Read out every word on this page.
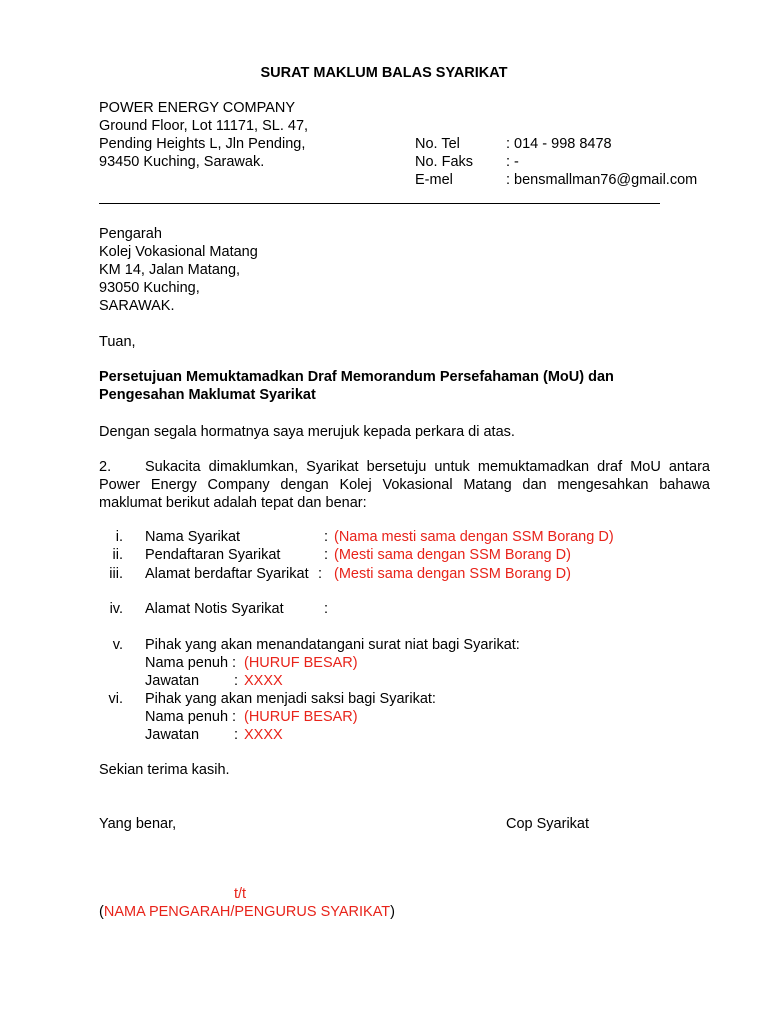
SURAT MAKLUM BALAS SYARIKAT
POWER ENERGY COMPANY
Ground Floor, Lot 11171, SL. 47,
Pending Heights L, Jln Pending,
93450 Kuching, Sarawak.
No. Tel	: 014 - 998 8478
No. Faks : -
E-mel	: bensmallman76@gmail.com
Pengarah
Kolej Vokasional Matang
KM 14, Jalan Matang,
93050 Kuching,
SARAWAK.
Tuan,
Persetujuan Memuktamadkan Draf Memorandum Persefahaman (MoU) dan
Pengesahan Maklumat Syarikat
Dengan segala hormatnya saya merujuk kepada perkara di atas.
2. Sukacita dimaklumkan, Syarikat bersetuju untuk memuktamadkan draf MoU antara Power Energy Company dengan Kolej Vokasional Matang dan mengesahkan bahawa maklumat berikut adalah tepat dan benar:
i. Nama Syarikat	: (Nama mesti sama dengan SSM Borang D)
ii. Pendaftaran Syarikat	: (Mesti sama dengan SSM Borang D)
iii. Alamat berdaftar Syarikat : (Mesti sama dengan SSM Borang D)
iv. Alamat Notis Syarikat	:
v. Pihak yang akan menandatangani surat niat bagi Syarikat:
Nama penuh : (HURUF BESAR)
Jawatan : XXXX
vi. Pihak yang akan menjadi saksi bagi Syarikat:
Nama penuh : (HURUF BESAR)
Jawatan : XXXX
Sekian terima kasih.
Yang benar,	Cop Syarikat
t/t
(NAMA PENGARAH/PENGURUS SYARIKAT)
